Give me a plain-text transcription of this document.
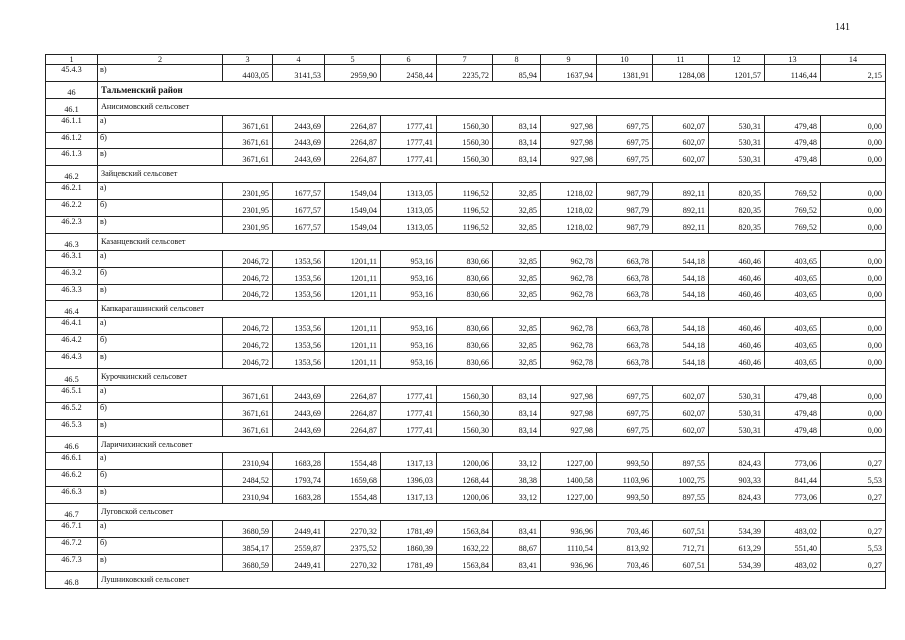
141
1	2	3	4	5	6	7	8	9	10	11	12	13	14
45.4.3	в)	4403,05	3141,53	2959,90	2458,44	2235,72	85,94	1637,94	1381,91	1284,08	1201,57	1146,44	2,15
46	Тальменский район												
46.1	Анисимовский сельсовет												
46.1.1	а)	3671,61	2443,69	2264,87	1777,41	1560,30	83,14	927,98	697,75	602,07	530,31	479,48	0,00
46.1.2	б)	3671,61	2443,69	2264,87	1777,41	1560,30	83,14	927,98	697,75	602,07	530,31	479,48	0,00
46.1.3	в)	3671,61	2443,69	2264,87	1777,41	1560,30	83,14	927,98	697,75	602,07	530,31	479,48	0,00
46.2	Зайцевский сельсовет												
46.2.1	а)	2301,95	1677,57	1549,04	1313,05	1196,52	32,85	1218,02	987,79	892,11	820,35	769,52	0,00
46.2.2	б)	2301,95	1677,57	1549,04	1313,05	1196,52	32,85	1218,02	987,79	892,11	820,35	769,52	0,00
46.2.3	в)	2301,95	1677,57	1549,04	1313,05	1196,52	32,85	1218,02	987,79	892,11	820,35	769,52	0,00
46.3	Казанцевский сельсовет												
46.3.1	а)	2046,72	1353,56	1201,11	953,16	830,66	32,85	962,78	663,78	544,18	460,46	403,65	0,00
46.3.2	б)	2046,72	1353,56	1201,11	953,16	830,66	32,85	962,78	663,78	544,18	460,46	403,65	0,00
46.3.3	в)	2046,72	1353,56	1201,11	953,16	830,66	32,85	962,78	663,78	544,18	460,46	403,65	0,00
46.4	Капкарагашинский сельсовет												
46.4.1	а)	2046,72	1353,56	1201,11	953,16	830,66	32,85	962,78	663,78	544,18	460,46	403,65	0,00
46.4.2	б)	2046,72	1353,56	1201,11	953,16	830,66	32,85	962,78	663,78	544,18	460,46	403,65	0,00
46.4.3	в)	2046,72	1353,56	1201,11	953,16	830,66	32,85	962,78	663,78	544,18	460,46	403,65	0,00
46.5	Курочкинский сельсовет												
46.5.1	а)	3671,61	2443,69	2264,87	1777,41	1560,30	83,14	927,98	697,75	602,07	530,31	479,48	0,00
46.5.2	б)	3671,61	2443,69	2264,87	1777,41	1560,30	83,14	927,98	697,75	602,07	530,31	479,48	0,00
46.5.3	в)	3671,61	2443,69	2264,87	1777,41	1560,30	83,14	927,98	697,75	602,07	530,31	479,48	0,00
46.6	Ларичихинский сельсовет												
46.6.1	а)	2310,94	1683,28	1554,48	1317,13	1200,06	33,12	1227,00	993,50	897,55	824,43	773,06	0,27
46.6.2	б)	2484,52	1793,74	1659,68	1396,03	1268,44	38,38	1400,58	1103,96	1002,75	903,33	841,44	5,53
46.6.3	в)	2310,94	1683,28	1554,48	1317,13	1200,06	33,12	1227,00	993,50	897,55	824,43	773,06	0,27
46.7	Луговской сельсовет												
46.7.1	а)	3680,59	2449,41	2270,32	1781,49	1563,84	83,41	936,96	703,46	607,51	534,39	483,02	0,27
46.7.2	б)	3854,17	2559,87	2375,52	1860,39	1632,22	88,67	1110,54	813,92	712,71	613,29	551,40	5,53
46.7.3	в)	3680,59	2449,41	2270,32	1781,49	1563,84	83,41	936,96	703,46	607,51	534,39	483,02	0,27
46.8	Лушниковский сельсовет												
